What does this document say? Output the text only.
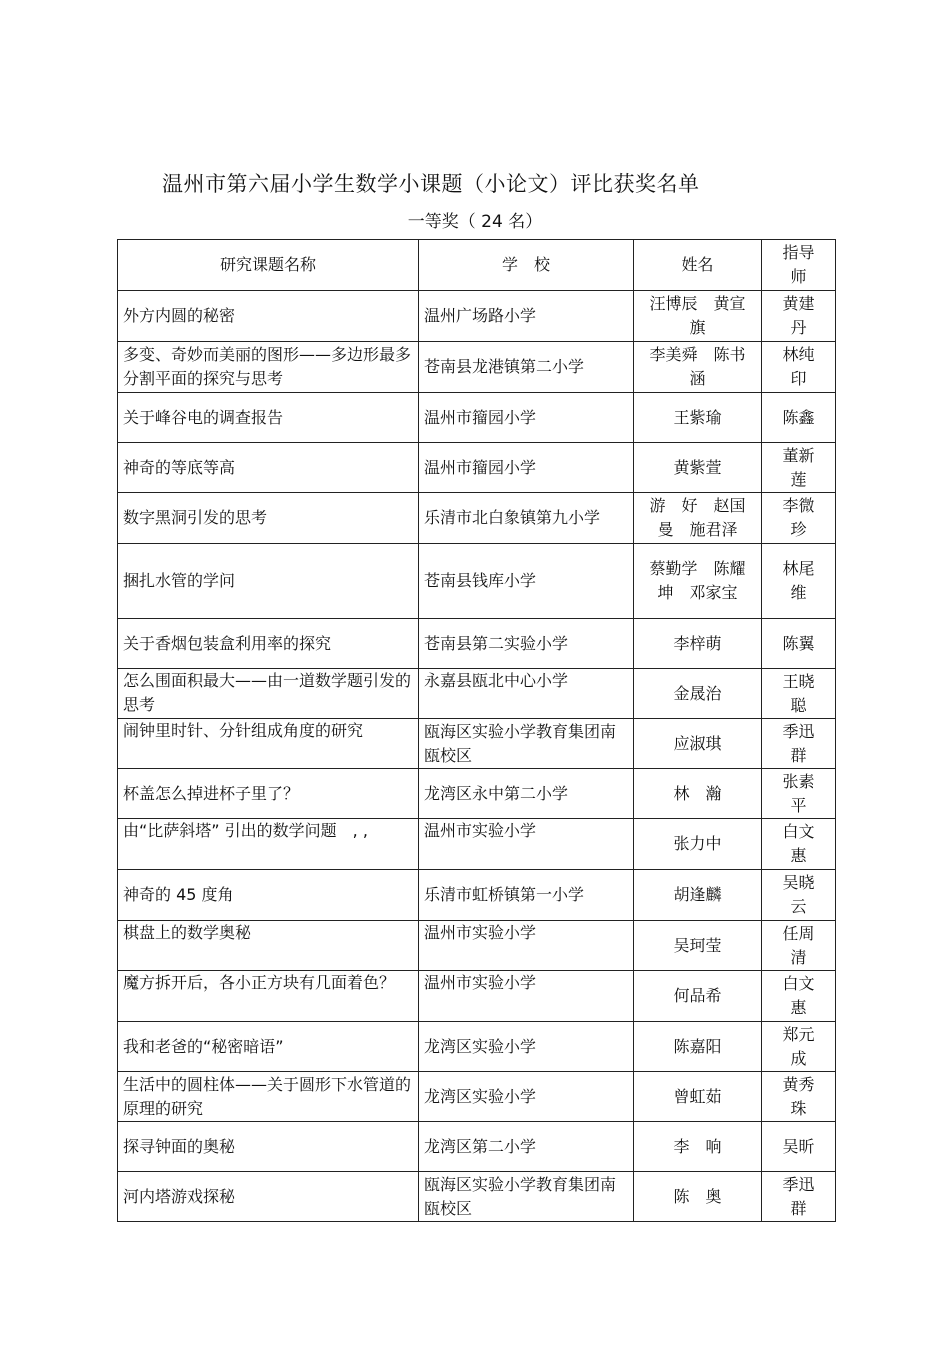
温州市第六届小学生数学小课题（小论文）评比获奖名单
一等奖（ 24 名）
研究课题名称	学　校	姓名	指导师
外方内圆的秘密	温州广场路小学	汪博辰　黄宣旗	黄建丹
多变、奇妙而美丽的图形——多边形最多分割平面的探究与思考	苍南县龙港镇第二小学	李美舜　陈书涵	林纯印
关于峰谷电的调查报告	温州市籀园小学	王紫瑜	陈鑫
神奇的等底等高	温州市籀园小学	黄紫萱	董新莲
数字黑洞引发的思考	乐清市北白象镇第九小学	游　好　赵国曼　施君泽	李微珍
捆扎水管的学问	苍南县钱库小学	蔡勤学　陈耀坤　邓家宝	林尾维
关于香烟包装盒利用率的探究	苍南县第二实验小学	李梓萌	陈翼
怎么围面积最大——由一道数学题引发的思考	永嘉县瓯北中心小学	金晟治	王晓聪
闹钟里时针、分针组成角度的研究	瓯海区实验小学教育集团南瓯校区	应淑琪	季迅群
杯盖怎么掉进杯子里了？	龙湾区永中第二小学	林　瀚	张素平
由“比萨斜塔” 引出的数学问题　, ,	温州市实验小学	张力中	白文惠
神奇的 45 度角	乐清市虹桥镇第一小学	胡逢麟	吴晓云
棋盘上的数学奥秘	温州市实验小学	吴珂莹	任周清
魔方拆开后，各小正方块有几面着色？	温州市实验小学	何品希	白文惠
我和老爸的“秘密暗语”	龙湾区实验小学	陈嘉阳	郑元成
生活中的圆柱体——关于圆形下水管道的原理的研究	龙湾区实验小学	曾虹茹	黄秀珠
探寻钟面的奥秘	龙湾区第二小学	李　响	吴昕
河内塔游戏探秘	瓯海区实验小学教育集团南瓯校区	陈　奥	季迅群
